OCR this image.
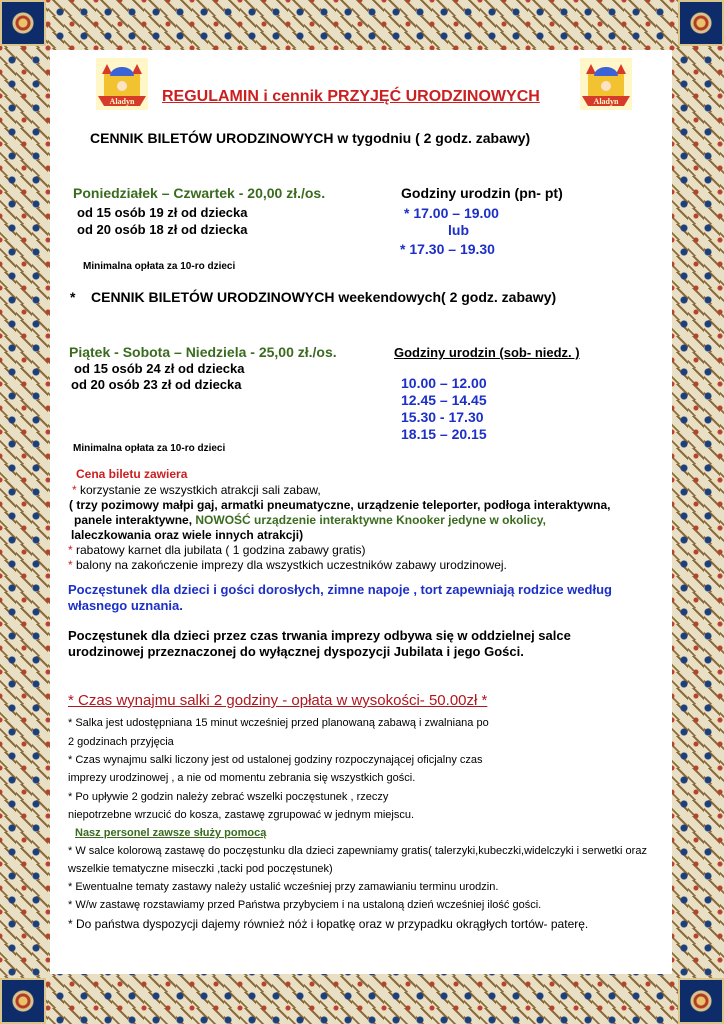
Aladyn	Aladyn
REGULAMIN i cennik PRZYJĘĆ URODZINOWYCH
CENNIK BILETÓW URODZINOWYCH w tygodniu ( 2 godz. zabawy)
Poniedziałek – Czwartek - 20,00 zł./os.
od 15 osób 19 zł od dziecka
od 20 osób 18 zł od dziecka
Minimalna opłata za 10-ro dzieci
Godziny urodzin (pn- pt)
* 17.00 – 19.00
lub
* 17.30 – 19.30
* CENNIK BILETÓW URODZINOWYCH weekendowych( 2 godz. zabawy)
Piątek - Sobota – Niedziela - 25,00 zł./os.
od 15 osób 24 zł od dziecka
od 20 osób 23 zł od dziecka
Minimalna opłata za 10-ro dzieci
Godziny urodzin (sob- niedz. )
10.00 – 12.00
12.45 – 14.45
15.30 - 17.30
18.15 – 20.15
Cena biletu zawiera
* korzystanie ze wszystkich atrakcji sali zabaw,
( trzy pozimowy małpi gaj, armatki pneumatyczne, urządzenie teleporter, podłoga interaktywna,
panele interaktywne, NOWOŚĆ urządzenie interaktywne Knooker jedyne w okolicy,
laleczkowania oraz wiele innych atrakcji)
* rabatowy karnet dla jubilata ( 1 godzina zabawy gratis)
* balony na zakończenie imprezy dla wszystkich uczestników zabawy urodzinowej.
Poczęstunek dla dzieci i gości dorosłych, zimne napoje , tort zapewniają rodzice według
własnego uznania.
Poczęstunek dla dzieci przez czas trwania imprezy odbywa się w oddzielnej salce
urodzinowej przeznaczonej do wyłącznej dyspozycji Jubilata i jego Gości.
* Czas wynajmu salki 2 godziny - opłata w wysokości- 50.00zł *
* Salka jest udostępniana 15 minut wcześniej przed planowaną zabawą i zwalniana po
2 godzinach przyjęcia
* Czas wynajmu salki liczony jest od ustalonej godziny rozpoczynającej oficjalny czas
imprezy urodzinowej , a nie od momentu zebrania się wszystkich gości.
* Po upływie 2 godzin należy zebrać wszelki poczęstunek , rzeczy
niepotrzebne wrzucić do kosza, zastawę zgrupować w jednym miejscu.
Nasz personel zawsze służy pomocą
* W salce kolorową zastawę do poczęstunku dla dzieci zapewniamy gratis( talerzyki,kubeczki,widelczyki i serwetki oraz
wszelkie tematyczne miseczki ,tacki pod poczęstunek)
* Ewentualne tematy zastawy należy ustalić wcześniej przy zamawianiu terminu urodzin.
* W/w zastawę rozstawiamy przed Państwa przybyciem i na ustaloną dzień wcześniej ilość gości.
* Do państwa dyspozycji dajemy również nóż i łopatkę oraz w przypadku okrągłych tortów- paterę.
